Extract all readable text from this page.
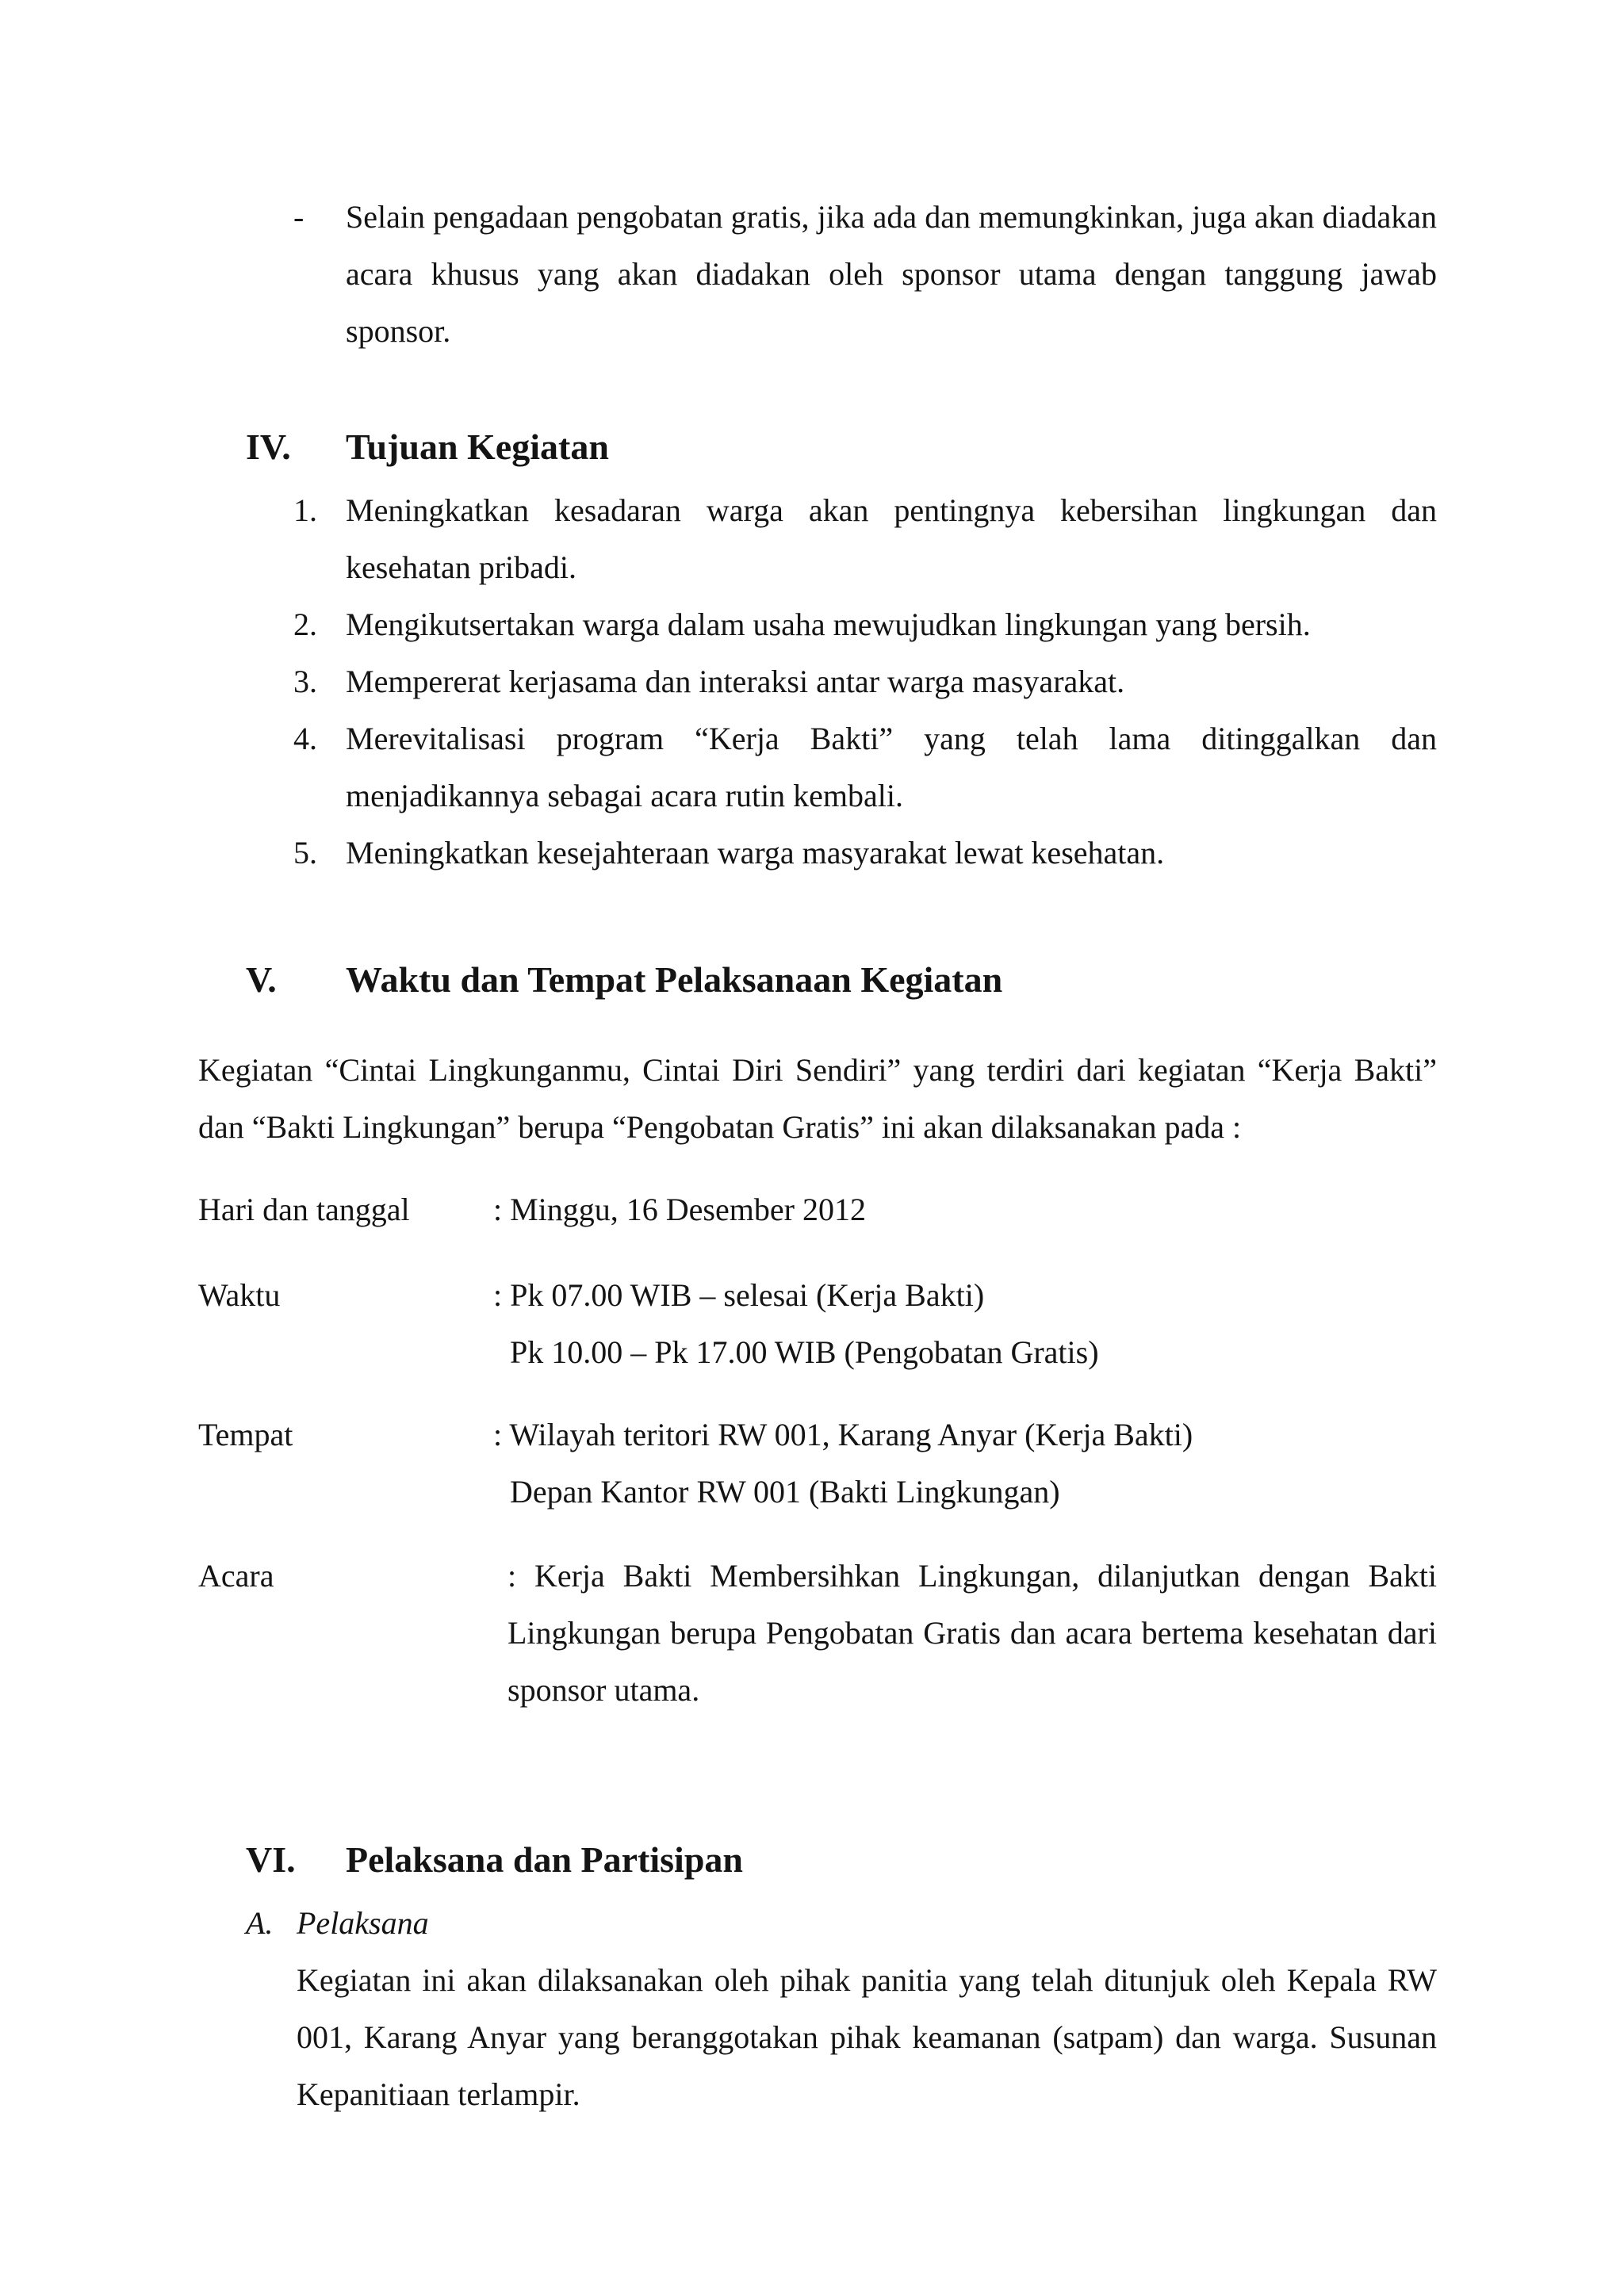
- Selain pengadaan pengobatan gratis, jika ada dan memungkinkan, juga akan diadakan acara khusus yang akan diadakan oleh sponsor utama dengan tanggung jawab sponsor.
IV. Tujuan Kegiatan
1. Meningkatkan kesadaran warga akan pentingnya kebersihan lingkungan dan kesehatan pribadi.
2. Mengikutsertakan warga dalam usaha mewujudkan lingkungan yang bersih.
3. Mempererat kerjasama dan interaksi antar warga masyarakat.
4. Merevitalisasi program “Kerja Bakti” yang telah lama ditinggalkan dan menjadikannya sebagai acara rutin kembali.
5. Meningkatkan kesejahteraan warga masyarakat lewat kesehatan.
V. Waktu dan Tempat Pelaksanaan Kegiatan
Kegiatan “Cintai Lingkunganmu, Cintai Diri Sendiri” yang terdiri dari kegiatan “Kerja Bakti” dan “Bakti Lingkungan” berupa “Pengobatan Gratis” ini akan dilaksanakan pada :
Hari dan tanggal	: Minggu, 16 Desember 2012
Waktu	: Pk 07.00 WIB – selesai (Kerja Bakti)
Pk 10.00 – Pk 17.00 WIB (Pengobatan Gratis)
Tempat	: Wilayah teritori RW 001, Karang Anyar (Kerja Bakti)
Depan Kantor RW 001 (Bakti Lingkungan)
Acara	: Kerja Bakti Membersihkan Lingkungan, dilanjutkan dengan Bakti Lingkungan berupa Pengobatan Gratis dan acara bertema kesehatan dari sponsor utama.
VI. Pelaksana dan Partisipan
A. Pelaksana
Kegiatan ini akan dilaksanakan oleh pihak panitia yang telah ditunjuk oleh Kepala RW 001, Karang Anyar yang beranggotakan pihak keamanan (satpam) dan warga. Susunan Kepanitiaan terlampir.
